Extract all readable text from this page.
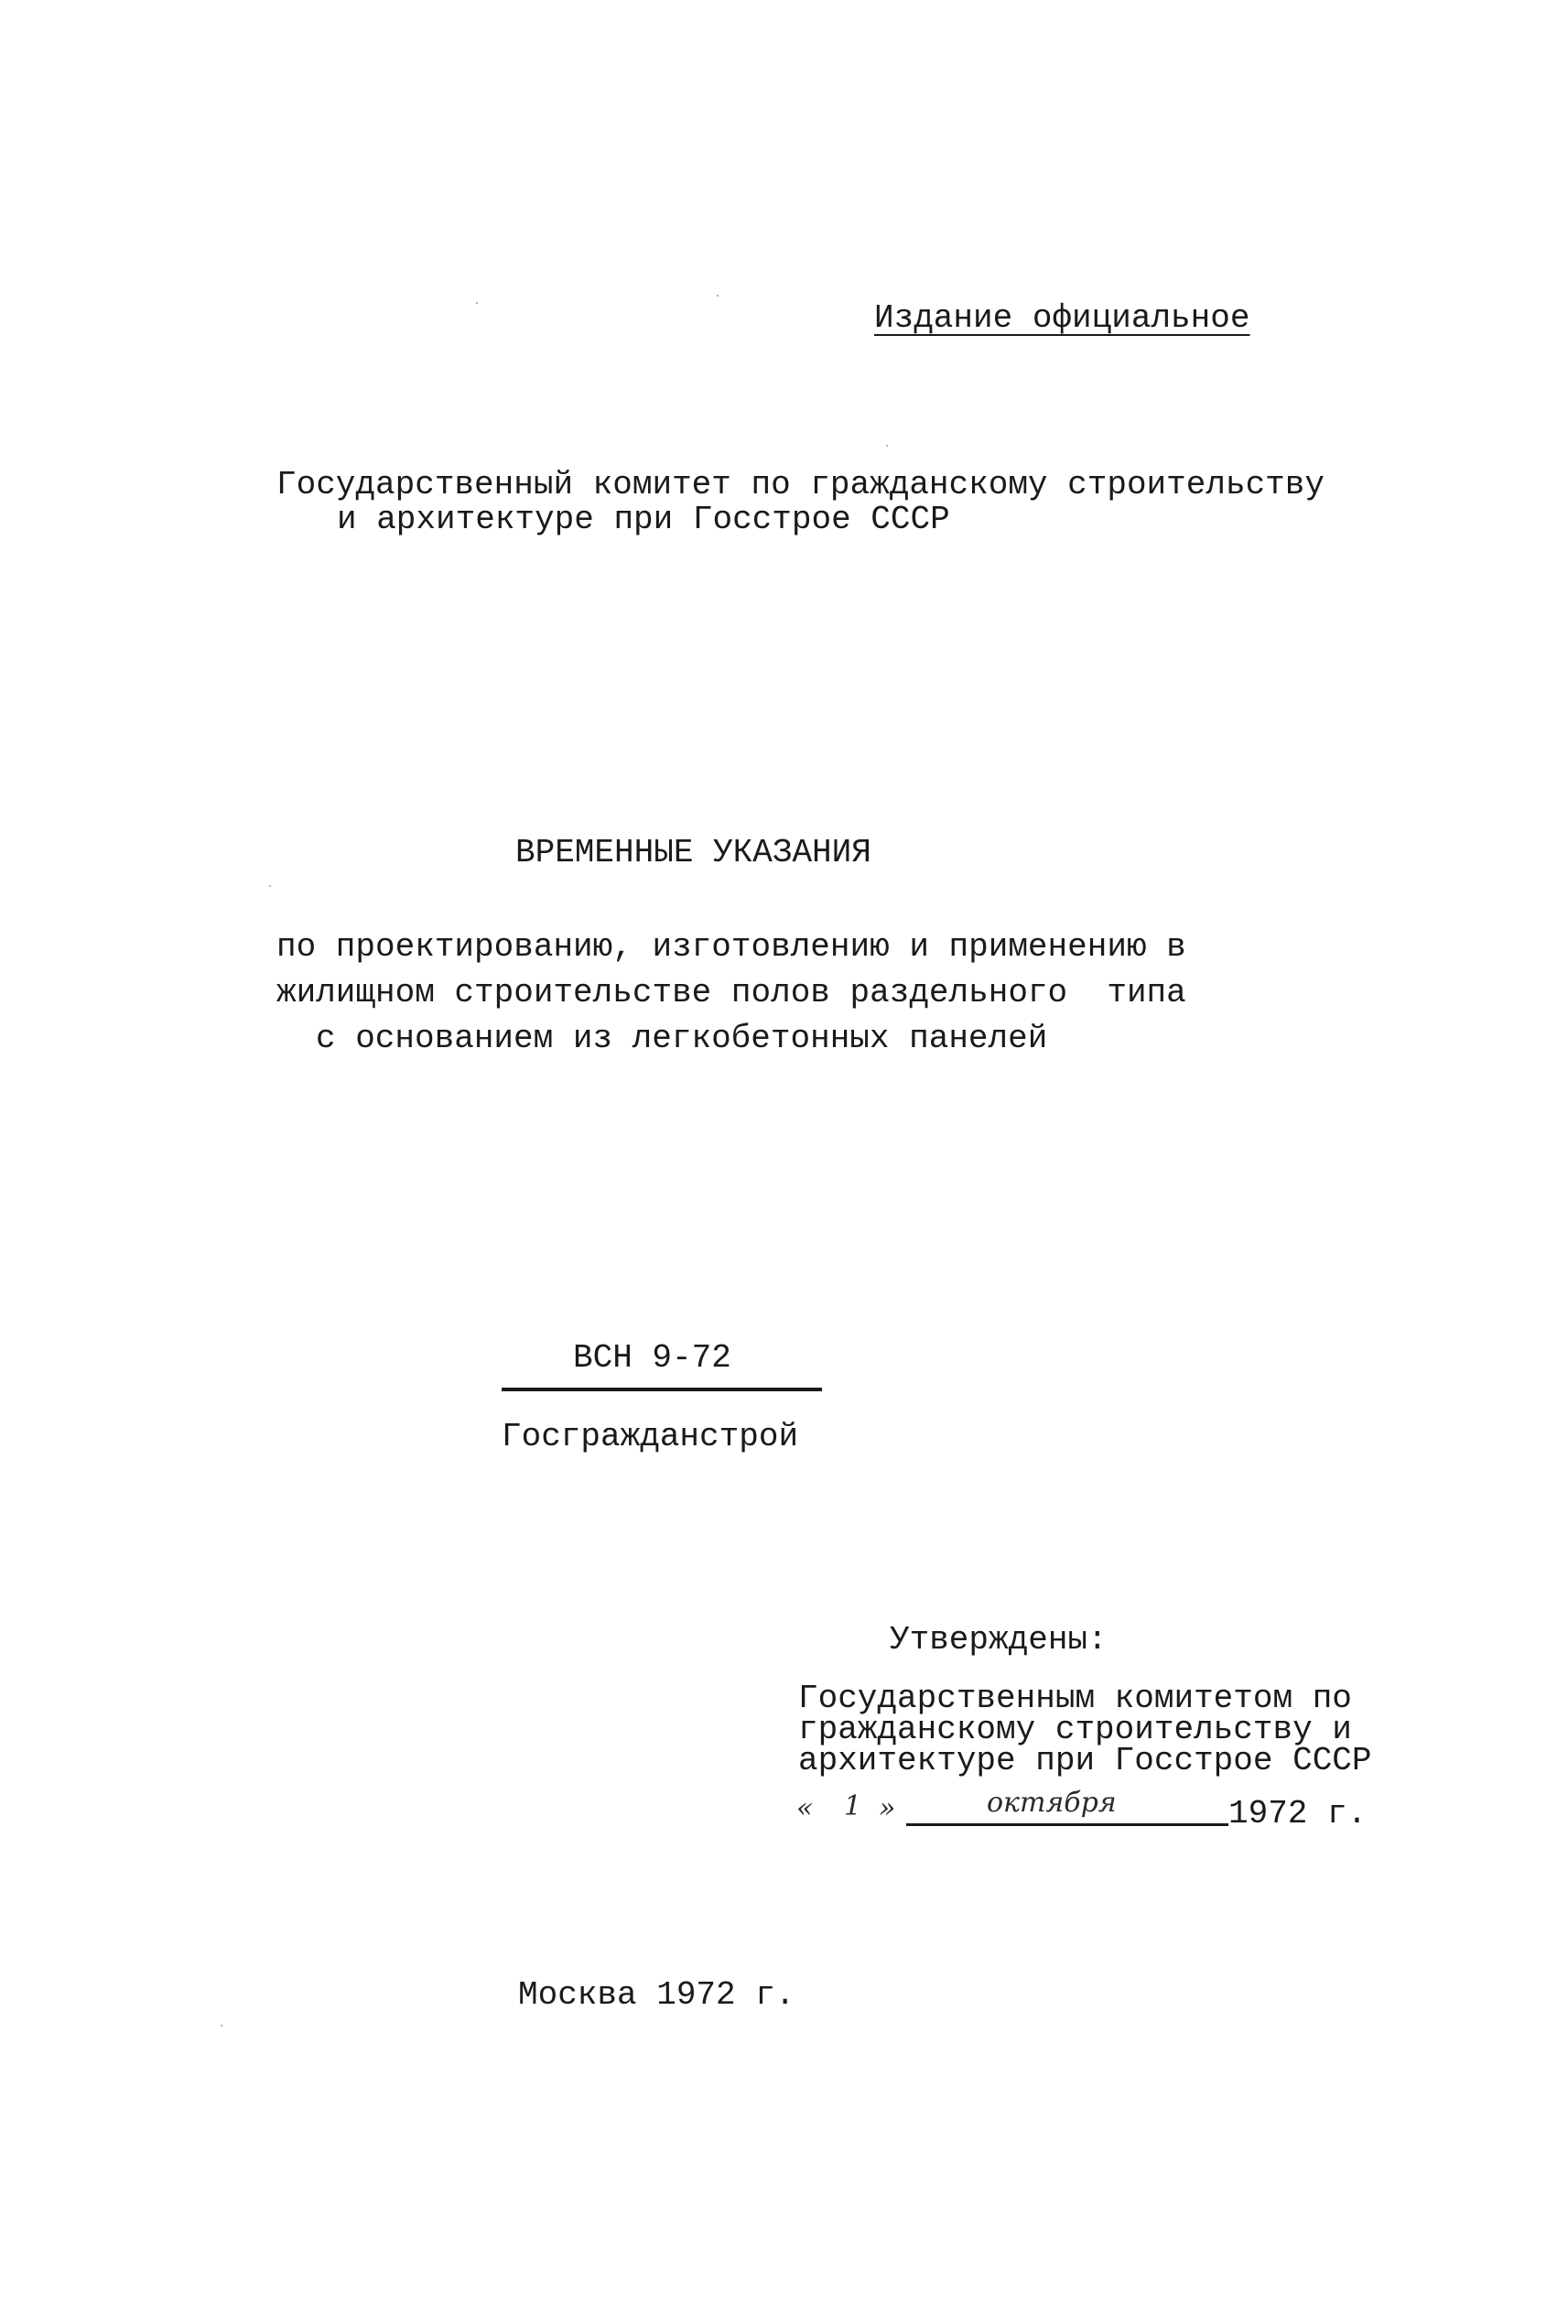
Издание официальное
Государственный комитет по гражданскому строительству
и архитектуре при Госстрое СССР
ВРЕМЕННЫЕ УКАЗАНИЯ
по проектированию, изготовлению и применению в
жилищном строительстве полов раздельного  типа
с основанием из легкобетонных панелей
ВСН 9-72
Госгражданстрой
Утверждены:
Государственным комитетом по
гражданскому строительству и
архитектуре при Госстрое СССР
« 1 »	октября	1972 г.
Москва 1972 г.
